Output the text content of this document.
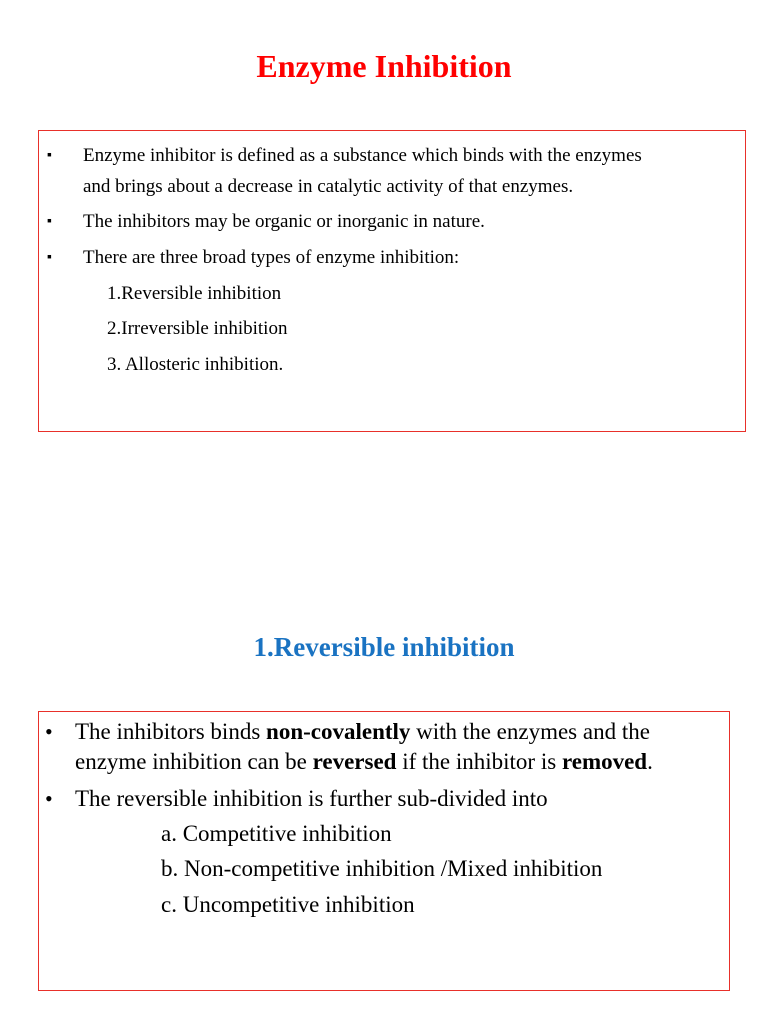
Enzyme Inhibition
▪ Enzyme inhibitor is defined as a substance which binds with the enzymes
and brings about a decrease in catalytic activity of that enzymes.
▪ The inhibitors may be organic or inorganic in nature.
▪ There are three broad types of enzyme inhibition:
1.Reversible inhibition
2.Irreversible inhibition
3. Allosteric inhibition.
1.Reversible inhibition
• The inhibitors binds non-covalently with the enzymes and the
enzyme inhibition can be reversed if the inhibitor is removed.
• The reversible inhibition is further sub-divided into
a. Competitive inhibition
b. Non-competitive inhibition /Mixed inhibition
c. Uncompetitive inhibition
